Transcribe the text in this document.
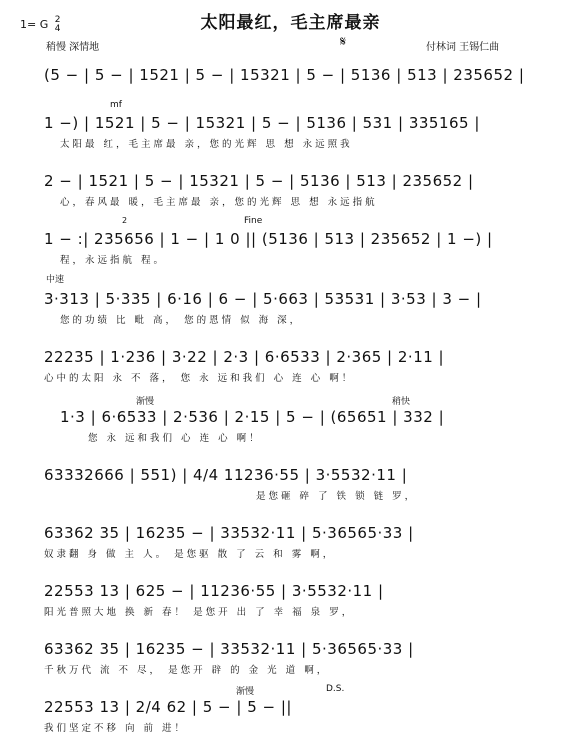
1= G 2
4	太阳最红，毛主席最亲
稍慢 深情地	𝄋	付林词 王锡仁曲
(5 − | 5 − | 1521 | 5 − | 15321 | 5 − | 5136 | 513 | 235652 |
mf
1 −) | 1521 | 5 − | 15321 | 5 − | 5136 | 531 | 335165 |
太阳最 红，毛主席最 亲，您的光辉 思 想 永远照我
2 − | 1521 | 5 − | 15321 | 5 − | 5136 | 513 | 235652 |
心，春风最 暖，毛主席最 亲，您的光辉 思 想 永远指航
2	Fine
1 − :| 235656 | 1 − | 1 0 || (5136 | 513 | 235652 | 1 −) |
程，永远指航 程。
中速
3·313 | 5·335 | 6·16 | 6 − | 5·663 | 53531 | 3·53 | 3 − |
您的功绩 比 毗 高， 您的恩情 似 海 深，
22235 | 1·236 | 3·22 | 2·3 | 6·6533 | 2·365 | 2·11 |
心中的太阳 永 不 落， 您 永 远和我们 心 连 心 啊！
渐慢	稍快
1·3 | 6·6533 | 2·536 | 2·15 | 5 − | (65651 | 332 |
您 永 远和我们 心 连 心 啊！
63332666 | 551) | 4/4 11236·55 | 3·5532·11 |
是您砸 碎 了 铁 锁 链 罗，
63362 35 | 16235 − | 33532·11 | 5·36565·33 |
奴隶翻 身 做 主 人。 是您驱 散 了 云 和 雾 啊，
22553 13 | 625 − | 11236·55 | 3·5532·11 |
阳光普照大地 换 新 春！ 是您开 出 了 幸 福 泉 罗，
63362 35 | 16235 − | 33532·11 | 5·36565·33 |
千秋万代 流 不 尽， 是您开 辟 的 金 光 道 啊，
渐慢	D.S.
22553 13 | 2/4 62 | 5 − | 5 − ||
我们坚定不移 向 前 进！
